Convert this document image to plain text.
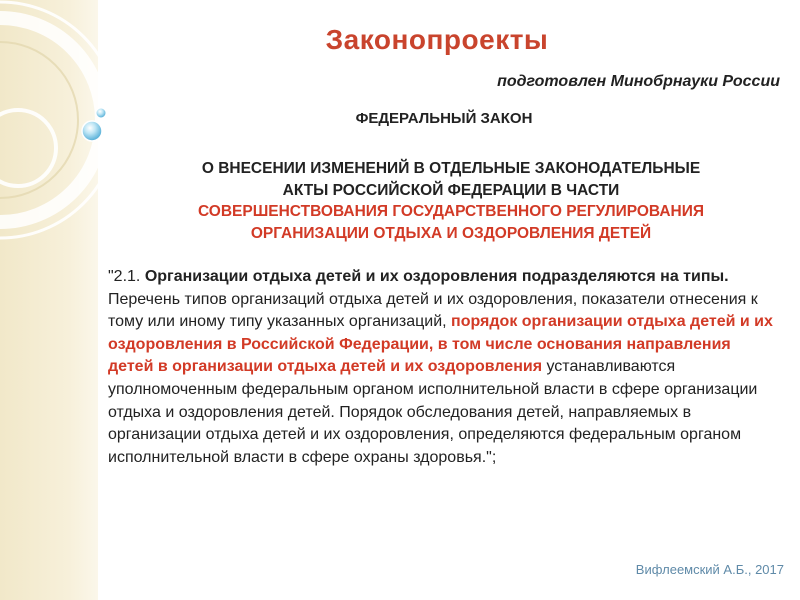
Законопроекты
подготовлен Минобрнауки России
ФЕДЕРАЛЬНЫЙ ЗАКОН
О ВНЕСЕНИИ ИЗМЕНЕНИЙ В ОТДЕЛЬНЫЕ ЗАКОНОДАТЕЛЬНЫЕ
АКТЫ РОССИЙСКОЙ ФЕДЕРАЦИИ В ЧАСТИ
СОВЕРШЕНСТВОВАНИЯ ГОСУДАРСТВЕННОГО РЕГУЛИРОВАНИЯ
ОРГАНИЗАЦИИ ОТДЫХА И ОЗДОРОВЛЕНИЯ ДЕТЕЙ
"2.1. Организации отдыха детей и их оздоровления подразделяются на типы. Перечень типов организаций отдыха детей и их оздоровления, показатели отнесения к тому или иному типу указанных организаций, порядок организации отдыха детей и их оздоровления в Российской Федерации, в том числе основания направления детей в организации отдыха детей и их оздоровления устанавливаются уполномоченным федеральным органом исполнительной власти в сфере организации отдыха и оздоровления детей. Порядок обследования детей, направляемых в организации отдыха детей и их оздоровления, определяются федеральным органом исполнительной власти в сфере охраны здоровья.";
Вифлеемский А.Б., 2017
